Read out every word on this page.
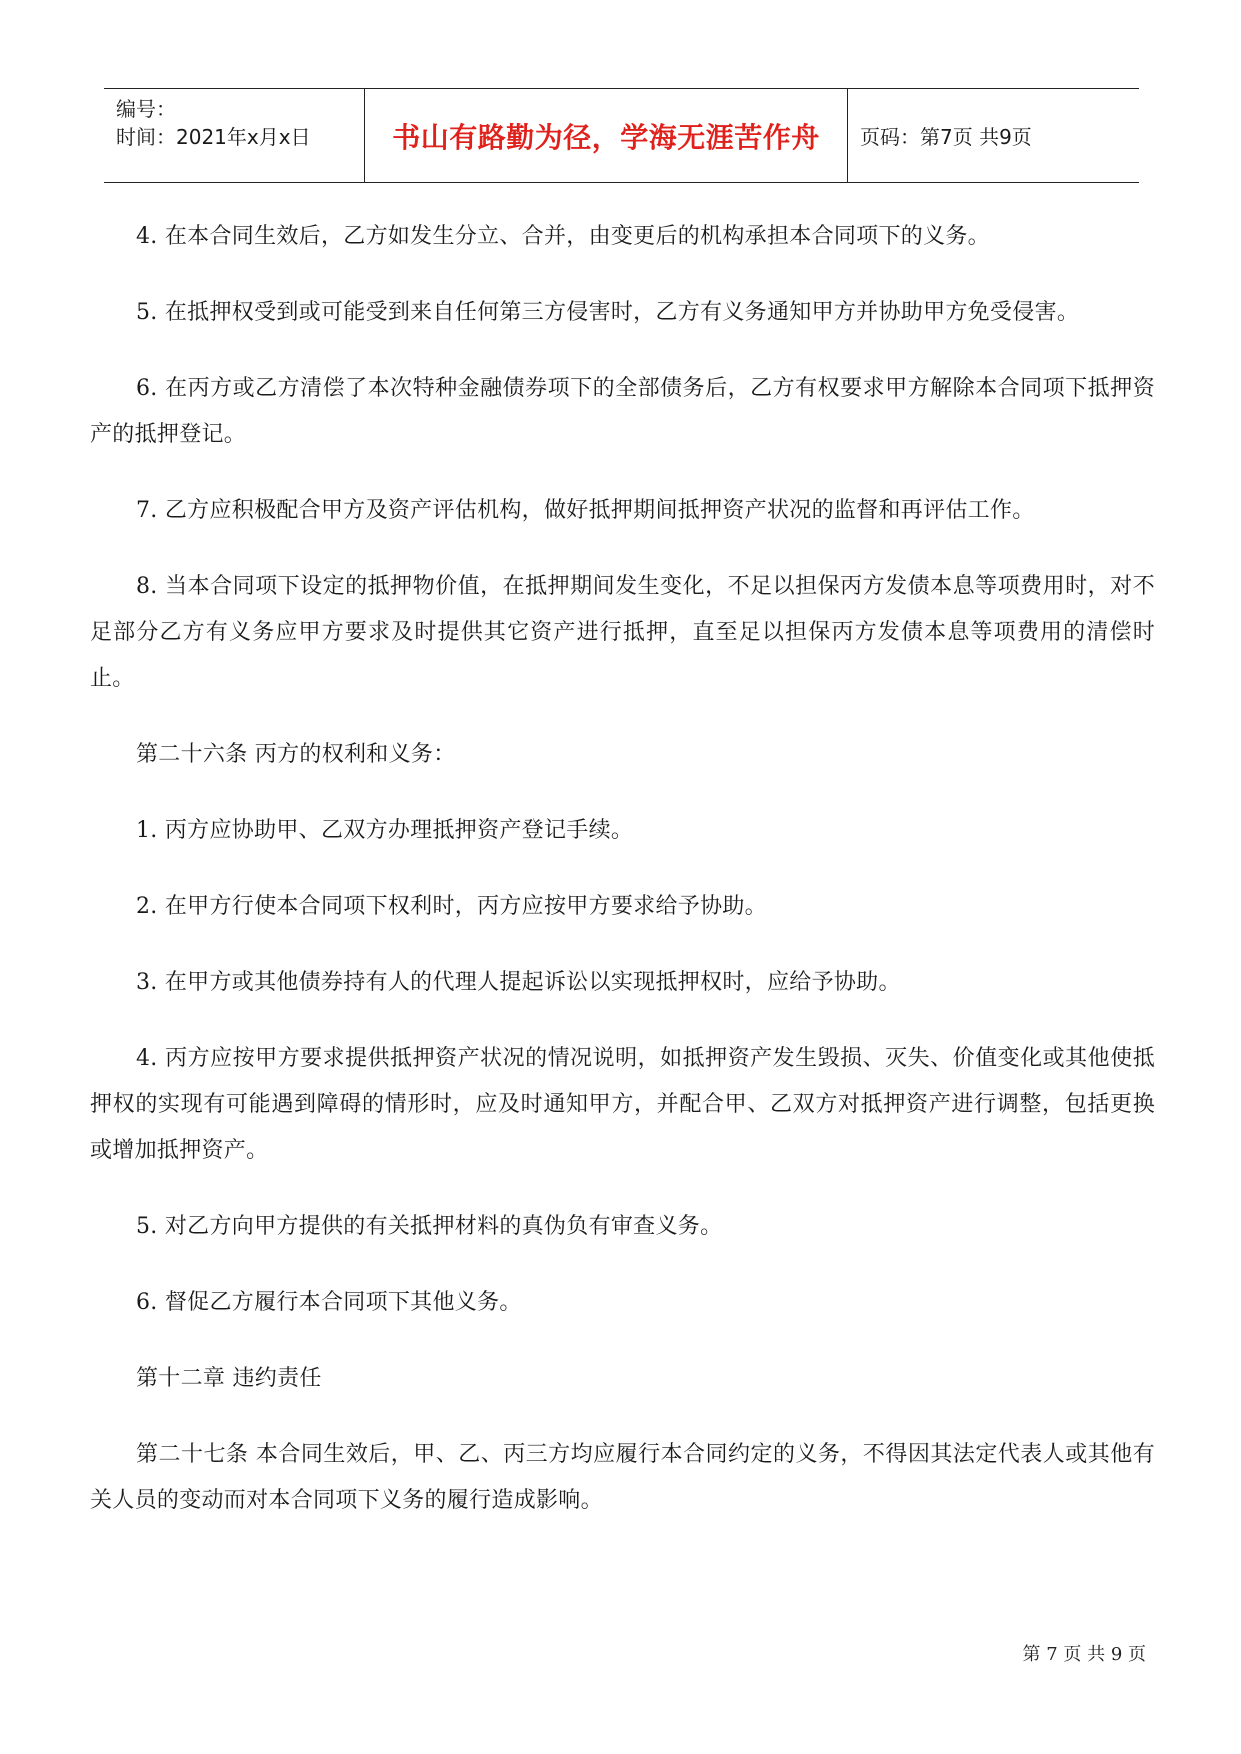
编号：
时间：2021年x月x日	书山有路勤为径，学海无涯苦作舟	页码：第7页 共9页

4. 在本合同生效后，乙方如发生分立、合并，由变更后的机构承担本合同项下的义务。

5. 在抵押权受到或可能受到来自任何第三方侵害时，乙方有义务通知甲方并协助甲方免受侵害。

6. 在丙方或乙方清偿了本次特种金融债券项下的全部债务后，乙方有权要求甲方解除本合同项下抵押资产的抵押登记。

7. 乙方应积极配合甲方及资产评估机构，做好抵押期间抵押资产状况的监督和再评估工作。

8. 当本合同项下设定的抵押物价值，在抵押期间发生变化，不足以担保丙方发债本息等项费用时，对不足部分乙方有义务应甲方要求及时提供其它资产进行抵押，直至足以担保丙方发债本息等项费用的清偿时止。

第二十六条 丙方的权利和义务：

1. 丙方应协助甲、乙双方办理抵押资产登记手续。

2. 在甲方行使本合同项下权利时，丙方应按甲方要求给予协助。

3. 在甲方或其他债券持有人的代理人提起诉讼以实现抵押权时，应给予协助。

4. 丙方应按甲方要求提供抵押资产状况的情况说明，如抵押资产发生毁损、灭失、价值变化或其他使抵押权的实现有可能遇到障碍的情形时，应及时通知甲方，并配合甲、乙双方对抵押资产进行调整，包括更换或增加抵押资产。

5. 对乙方向甲方提供的有关抵押材料的真伪负有审查义务。

6. 督促乙方履行本合同项下其他义务。

第十二章 违约责任

第二十七条 本合同生效后，甲、乙、丙三方均应履行本合同约定的义务，不得因其法定代表人或其他有关人员的变动而对本合同项下义务的履行造成影响。

第 7 页 共 9 页
